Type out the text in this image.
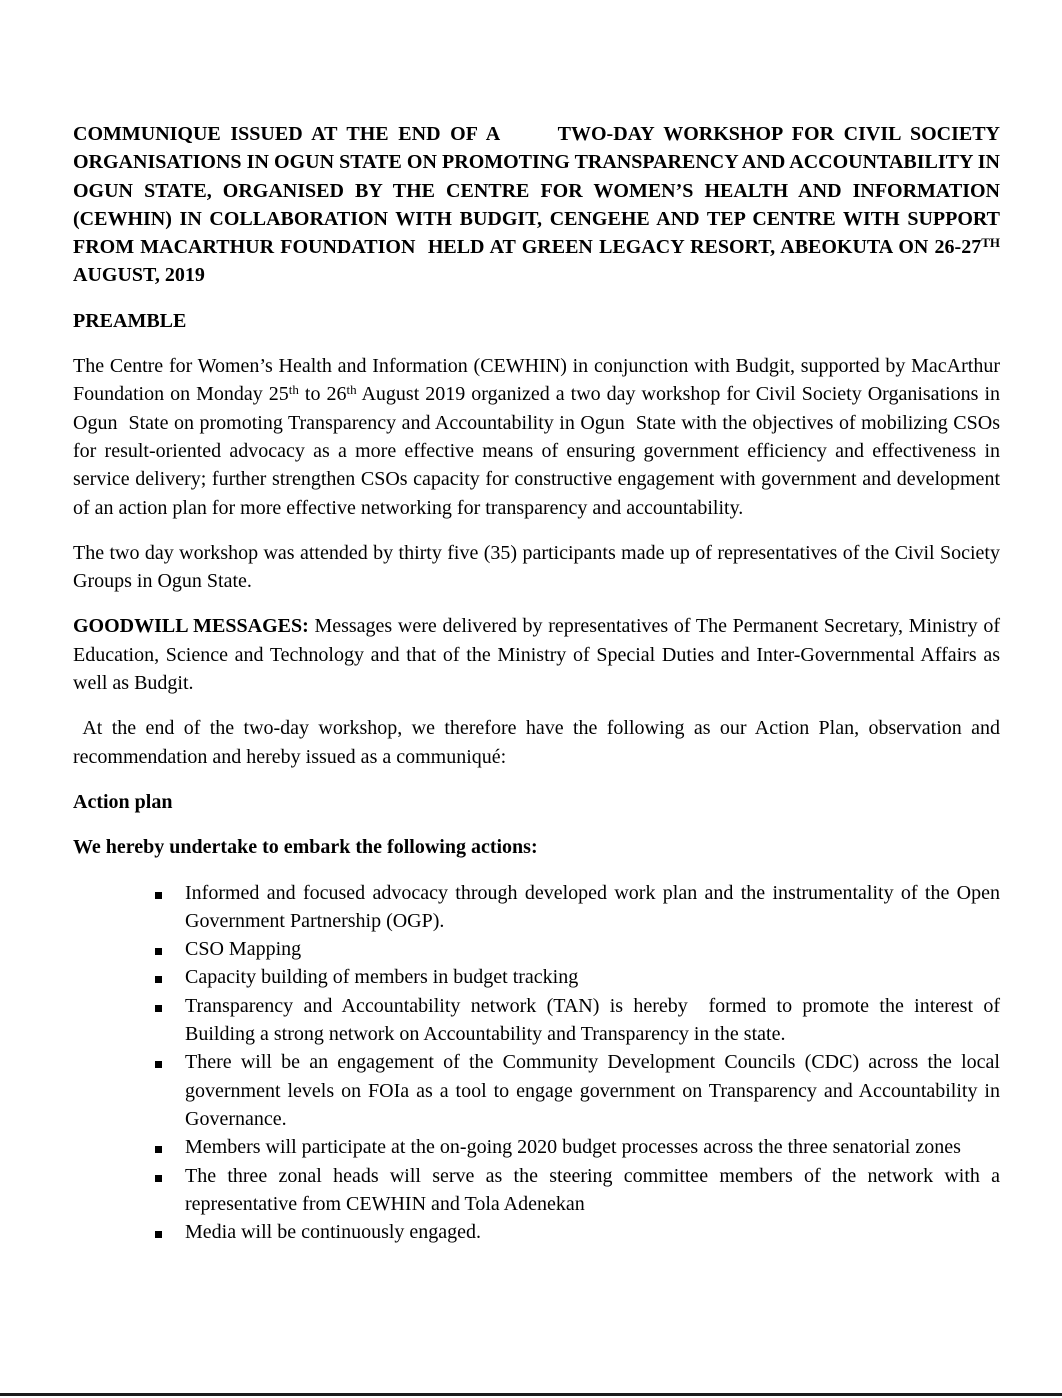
COMMUNIQUE ISSUED AT THE END OF A	TWO-DAY WORKSHOP FOR CIVIL SOCIETY ORGANISATIONS IN OGUN STATE ON PROMOTING TRANSPARENCY AND ACCOUNTABILITY IN OGUN STATE, ORGANISED BY THE CENTRE FOR WOMEN’S HEALTH AND INFORMATION (CEWHIN) IN COLLABORATION WITH BUDGIT, CENGEHE AND TEP CENTRE WITH SUPPORT FROM MACARTHUR FOUNDATION  HELD AT GREEN LEGACY RESORT, ABEOKUTA ON 26-27TH AUGUST, 2019
PREAMBLE

The Centre for Women’s Health and Information (CEWHIN) in conjunction with Budgit, supported by MacArthur Foundation on Monday 25th to 26th August 2019 organized a two day workshop for Civil Society Organisations in Ogun  State on promoting Transparency and Accountability in Ogun  State with the objectives of mobilizing CSOs for result-oriented advocacy as a more effective means of ensuring government efficiency and effectiveness in service delivery; further strengthen CSOs capacity for constructive engagement with government and development of an action plan for more effective networking for transparency and accountability.

The two day workshop was attended by thirty five (35) participants made up of representatives of the Civil Society Groups in Ogun State.

GOODWILL MESSAGES: Messages were delivered by representatives of The Permanent Secretary, Ministry of Education, Science and Technology and that of the Ministry of Special Duties and Inter-Governmental Affairs as well as Budgit.

At the end of the two-day workshop, we therefore have the following as our Action Plan, observation and recommendation and hereby issued as a communiqué:

Action plan

We hereby undertake to embark the following actions:

Informed and focused advocacy through developed work plan and the instrumentality of the Open Government Partnership (OGP).
CSO Mapping
Capacity building of members in budget tracking
Transparency and Accountability network (TAN) is hereby  formed to promote the interest of Building a strong network on Accountability and Transparency in the state.
There will be an engagement of the Community Development Councils (CDC) across the local government levels on FOIa as a tool to engage government on Transparency and Accountability in Governance.
Members will participate at the on-going 2020 budget processes across the three senatorial zones
The three zonal heads will serve as the steering committee members of the network with a representative from CEWHIN and Tola Adenekan
Media will be continuously engaged.
